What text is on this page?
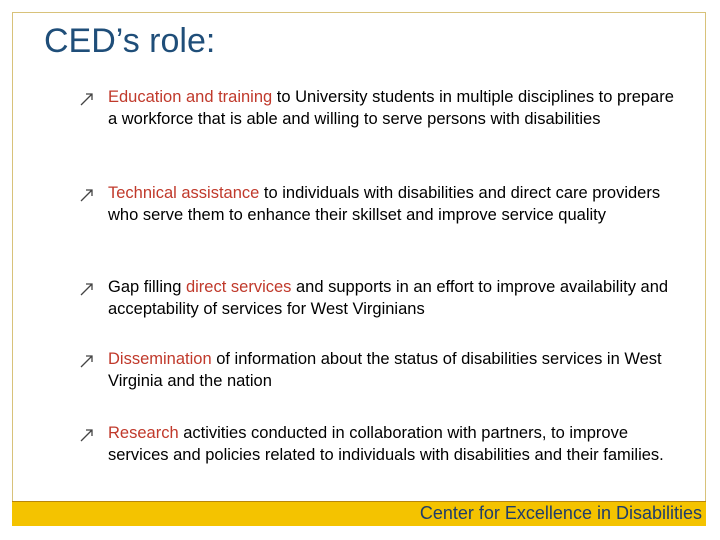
CED’s role:
Education and training to University students in multiple disciplines to prepare a workforce that is able and willing to serve persons with disabilities
Technical assistance to individuals with disabilities and direct care providers who serve them to enhance their skillset and improve service quality
Gap filling direct services and supports in an effort to improve availability and acceptability of services for West Virginians
Dissemination of information about the status of disabilities services in West Virginia and the nation
Research activities conducted in collaboration with partners, to improve services and policies related to individuals with disabilities and their families.
Center for Excellence in Disabilities
